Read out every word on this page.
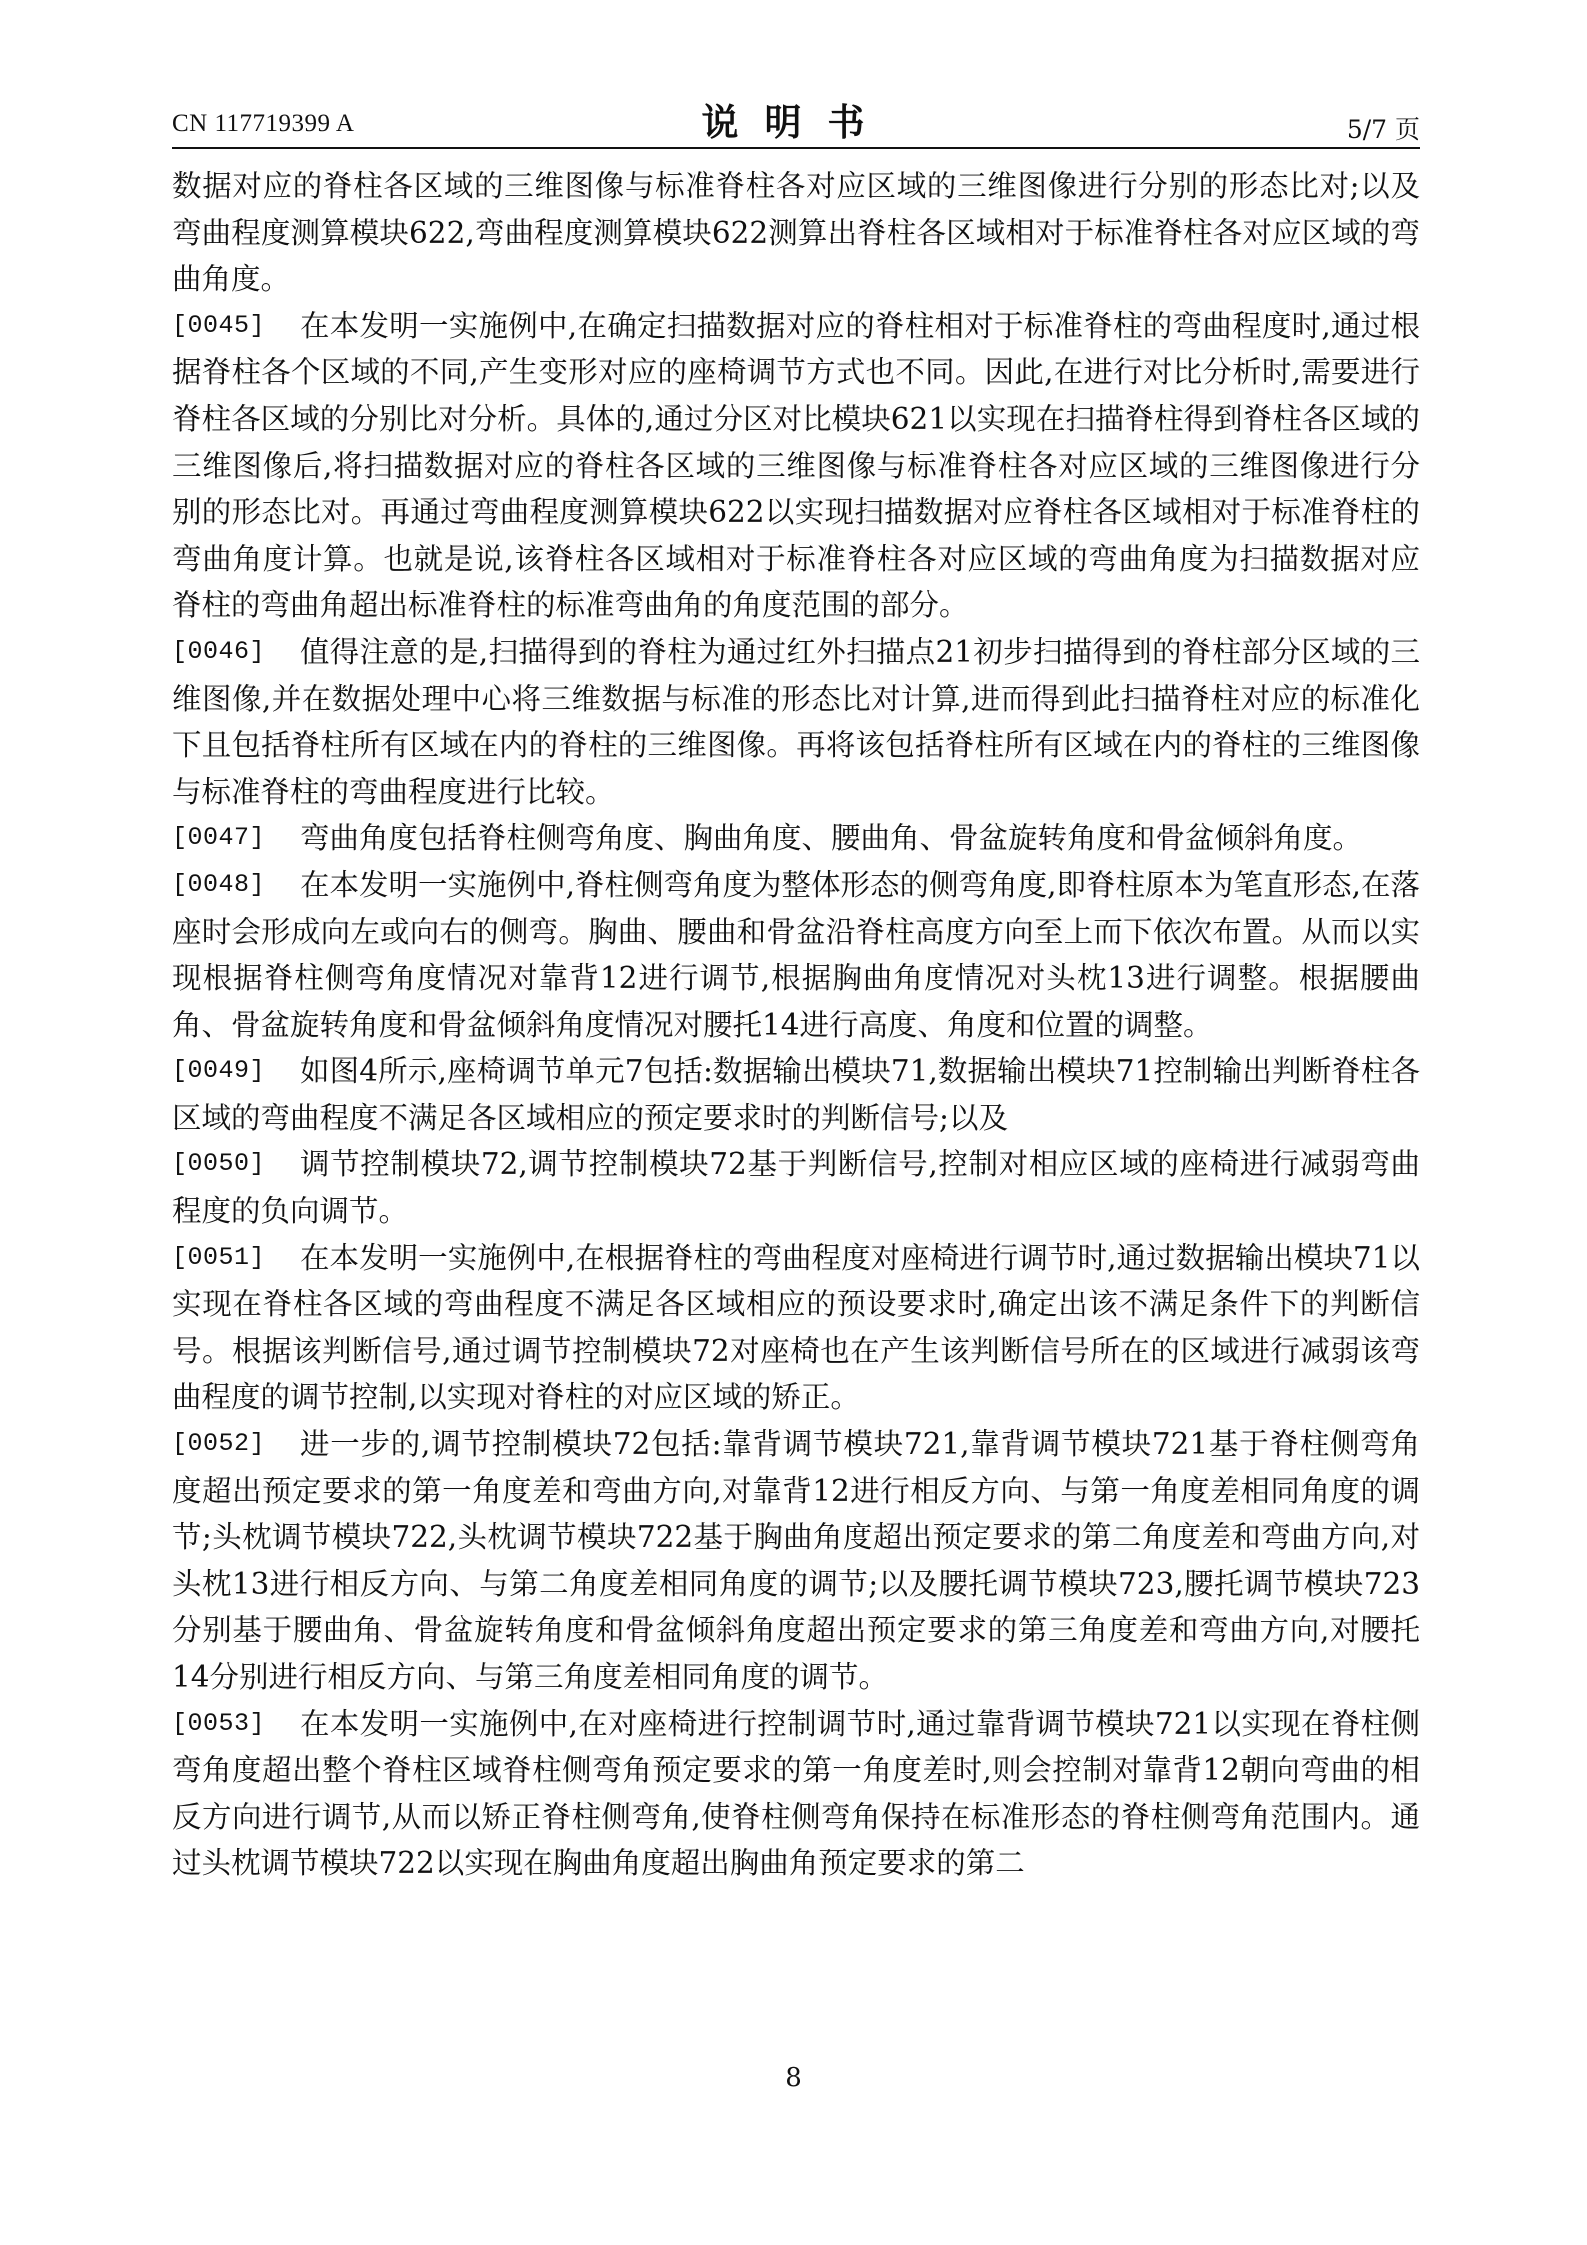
CN 117719399 A	说明书	5/7 页

数据对应的脊柱各区域的三维图像与标准脊柱各对应区域的三维图像进行分别的形态比对;以及弯曲程度测算模块622,弯曲程度测算模块622测算出脊柱各区域相对于标准脊柱各对应区域的弯曲角度。

[0045] 在本发明一实施例中,在确定扫描数据对应的脊柱相对于标准脊柱的弯曲程度时,通过根据脊柱各个区域的不同,产生变形对应的座椅调节方式也不同。因此,在进行对比分析时,需要进行脊柱各区域的分别比对分析。具体的,通过分区对比模块621以实现在扫描脊柱得到脊柱各区域的三维图像后,将扫描数据对应的脊柱各区域的三维图像与标准脊柱各对应区域的三维图像进行分别的形态比对。再通过弯曲程度测算模块622以实现扫描数据对应脊柱各区域相对于标准脊柱的弯曲角度计算。也就是说,该脊柱各区域相对于标准脊柱各对应区域的弯曲角度为扫描数据对应脊柱的弯曲角超出标准脊柱的标准弯曲角的角度范围的部分。

[0046] 值得注意的是,扫描得到的脊柱为通过红外扫描点21初步扫描得到的脊柱部分区域的三维图像,并在数据处理中心将三维数据与标准的形态比对计算,进而得到此扫描脊柱对应的标准化下且包括脊柱所有区域在内的脊柱的三维图像。再将该包括脊柱所有区域在内的脊柱的三维图像与标准脊柱的弯曲程度进行比较。

[0047] 弯曲角度包括脊柱侧弯角度、胸曲角度、腰曲角、骨盆旋转角度和骨盆倾斜角度。

[0048] 在本发明一实施例中,脊柱侧弯角度为整体形态的侧弯角度,即脊柱原本为笔直形态,在落座时会形成向左或向右的侧弯。胸曲、腰曲和骨盆沿脊柱高度方向至上而下依次布置。从而以实现根据脊柱侧弯角度情况对靠背12进行调节,根据胸曲角度情况对头枕13进行调整。根据腰曲角、骨盆旋转角度和骨盆倾斜角度情况对腰托14进行高度、角度和位置的调整。

[0049] 如图4所示,座椅调节单元7包括:数据输出模块71,数据输出模块71控制输出判断脊柱各区域的弯曲程度不满足各区域相应的预定要求时的判断信号;以及

[0050] 调节控制模块72,调节控制模块72基于判断信号,控制对相应区域的座椅进行减弱弯曲程度的负向调节。

[0051] 在本发明一实施例中,在根据脊柱的弯曲程度对座椅进行调节时,通过数据输出模块71以实现在脊柱各区域的弯曲程度不满足各区域相应的预设要求时,确定出该不满足条件下的判断信号。根据该判断信号,通过调节控制模块72对座椅也在产生该判断信号所在的区域进行减弱该弯曲程度的调节控制,以实现对脊柱的对应区域的矫正。

[0052] 进一步的,调节控制模块72包括:靠背调节模块721,靠背调节模块721基于脊柱侧弯角度超出预定要求的第一角度差和弯曲方向,对靠背12进行相反方向、与第一角度差相同角度的调节;头枕调节模块722,头枕调节模块722基于胸曲角度超出预定要求的第二角度差和弯曲方向,对头枕13进行相反方向、与第二角度差相同角度的调节;以及腰托调节模块723,腰托调节模块723分别基于腰曲角、骨盆旋转角度和骨盆倾斜角度超出预定要求的第三角度差和弯曲方向,对腰托14分别进行相反方向、与第三角度差相同角度的调节。

[0053] 在本发明一实施例中,在对座椅进行控制调节时,通过靠背调节模块721以实现在脊柱侧弯角度超出整个脊柱区域脊柱侧弯角预定要求的第一角度差时,则会控制对靠背12朝向弯曲的相反方向进行调节,从而以矫正脊柱侧弯角,使脊柱侧弯角保持在标准形态的脊柱侧弯角范围内。通过头枕调节模块722以实现在胸曲角度超出胸曲角预定要求的第二

8
